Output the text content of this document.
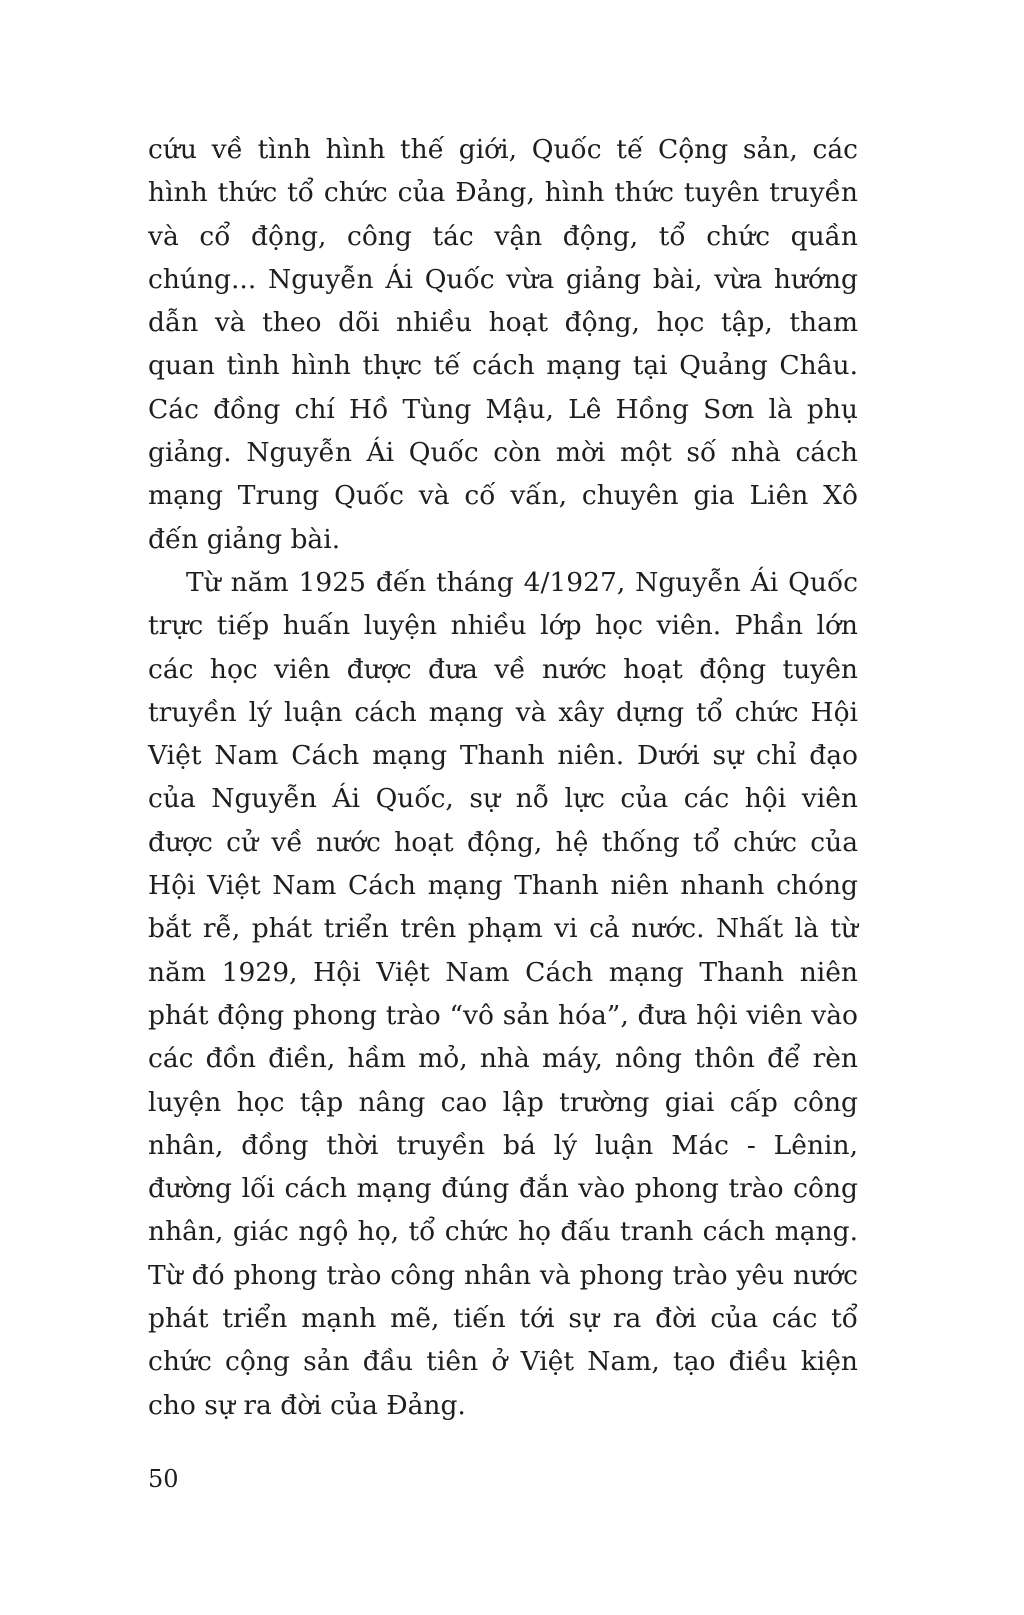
cứu về tình hình thế giới, Quốc tế Cộng sản, các hình thức tổ chức của Đảng, hình thức tuyên truyền và cổ động, công tác vận động, tổ chức quần chúng... Nguyễn Ái Quốc vừa giảng bài, vừa hướng dẫn và theo dõi nhiều hoạt động, học tập, tham quan tình hình thực tế cách mạng tại Quảng Châu. Các đồng chí Hồ Tùng Mậu, Lê Hồng Sơn là phụ giảng. Nguyễn Ái Quốc còn mời một số nhà cách mạng Trung Quốc và cố vấn, chuyên gia Liên Xô đến giảng bài.

Từ năm 1925 đến tháng 4/1927, Nguyễn Ái Quốc trực tiếp huấn luyện nhiều lớp học viên. Phần lớn các học viên được đưa về nước hoạt động tuyên truyền lý luận cách mạng và xây dựng tổ chức Hội Việt Nam Cách mạng Thanh niên. Dưới sự chỉ đạo của Nguyễn Ái Quốc, sự nỗ lực của các hội viên được cử về nước hoạt động, hệ thống tổ chức của Hội Việt Nam Cách mạng Thanh niên nhanh chóng bắt rễ, phát triển trên phạm vi cả nước. Nhất là từ năm 1929, Hội Việt Nam Cách mạng Thanh niên phát động phong trào “vô sản hóa”, đưa hội viên vào các đồn điền, hầm mỏ, nhà máy, nông thôn để rèn luyện học tập nâng cao lập trường giai cấp công nhân, đồng thời truyền bá lý luận Mác - Lênin, đường lối cách mạng đúng đắn vào phong trào công nhân, giác ngộ họ, tổ chức họ đấu tranh cách mạng. Từ đó phong trào công nhân và phong trào yêu nước phát triển mạnh mẽ, tiến tới sự ra đời của các tổ chức cộng sản đầu tiên ở Việt Nam, tạo điều kiện cho sự ra đời của Đảng.

50
